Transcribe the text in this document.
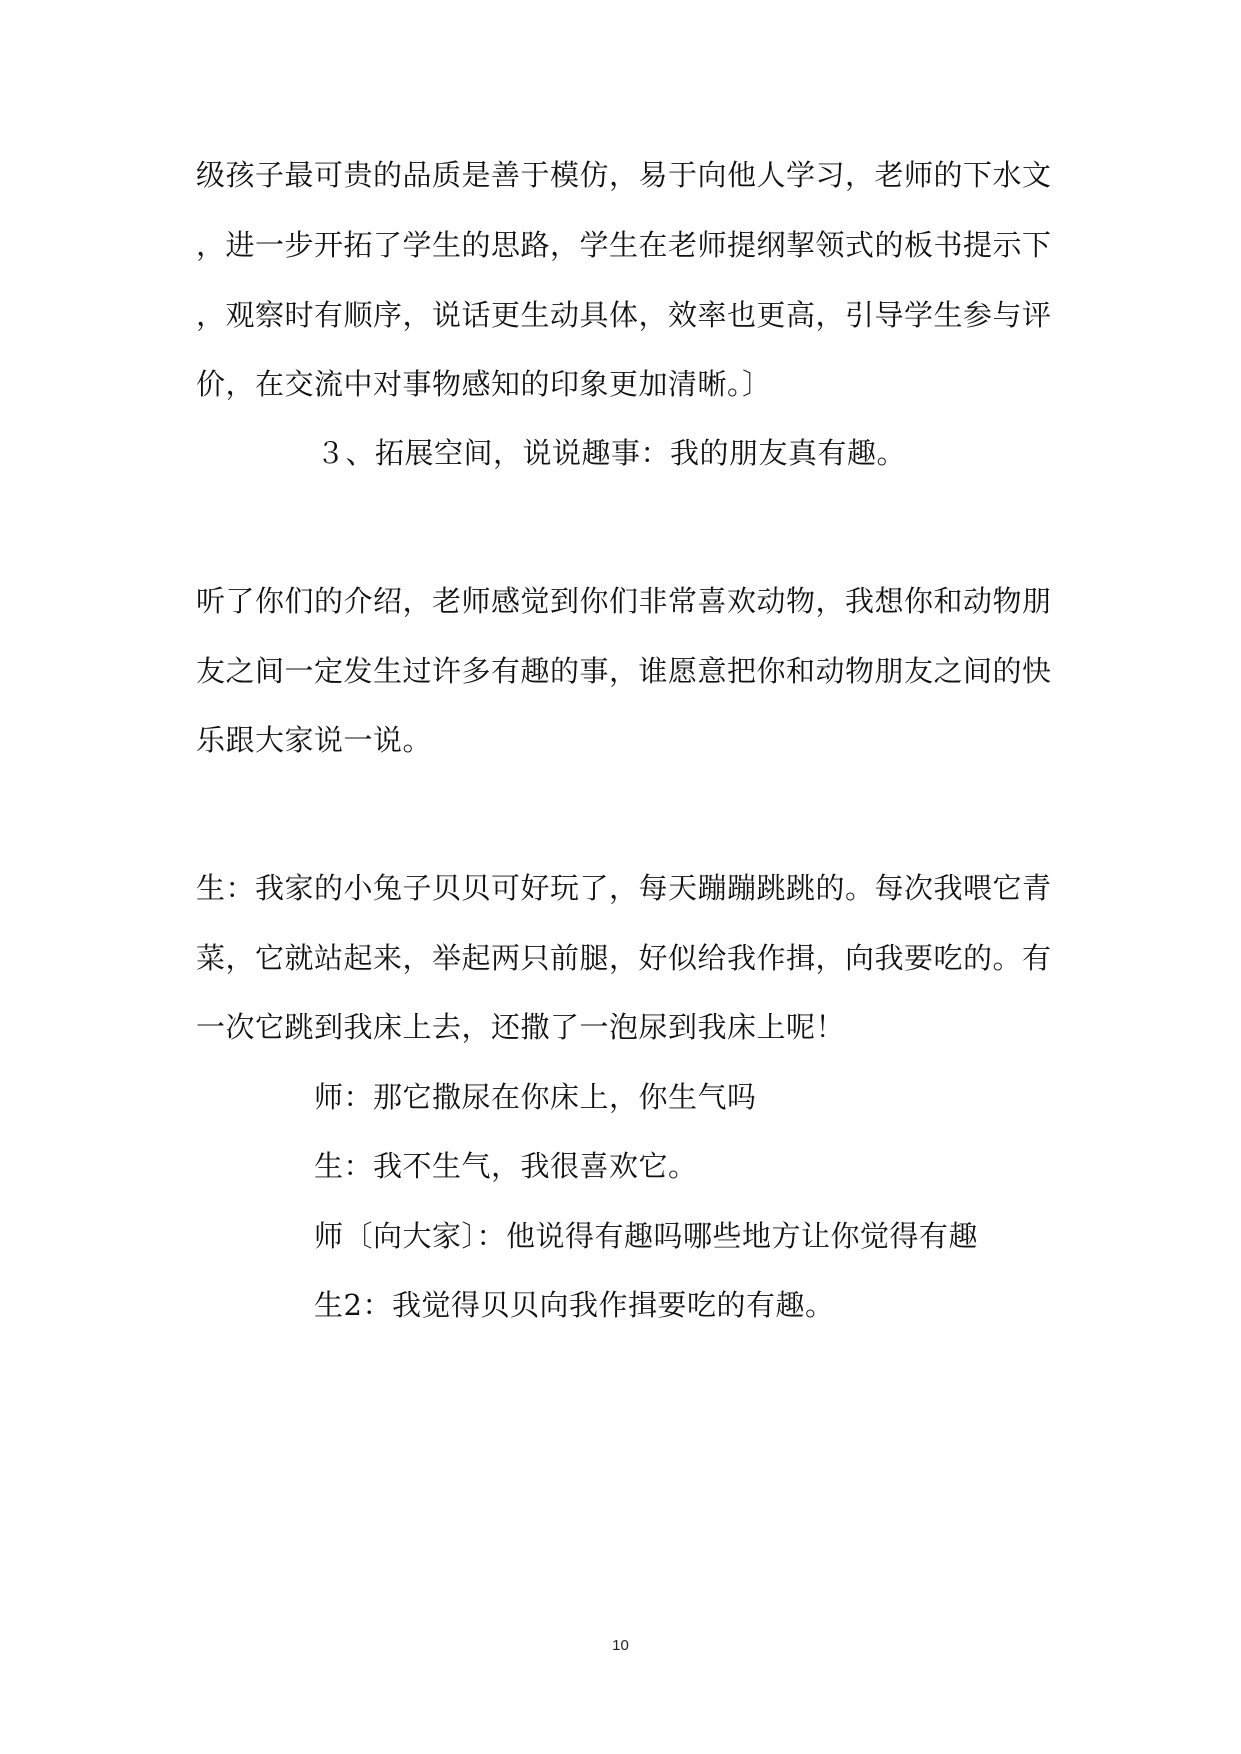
级孩子最可贵的品质是善于模仿，易于向他人学习，老师的下水文
，进一步开拓了学生的思路，学生在老师提纲挈领式的板书提示下
，观察时有顺序，说话更生动具体，效率也更高，引导学生参与评
价，在交流中对事物感知的印象更加清晰。〕
３、拓展空间，说说趣事：我的朋友真有趣。
听了你们的介绍，老师感觉到你们非常喜欢动物，我想你和动物朋
友之间一定发生过许多有趣的事，谁愿意把你和动物朋友之间的快
乐跟大家说一说。
生：我家的小兔子贝贝可好玩了，每天蹦蹦跳跳的。每次我喂它青
菜，它就站起来，举起两只前腿，好似给我作揖，向我要吃的。有
一次它跳到我床上去，还撒了一泡尿到我床上呢！
师：那它撒尿在你床上，你生气吗
生：我不生气，我很喜欢它。
师〔向大家〕：他说得有趣吗哪些地方让你觉得有趣
生2：我觉得贝贝向我作揖要吃的有趣。
10
